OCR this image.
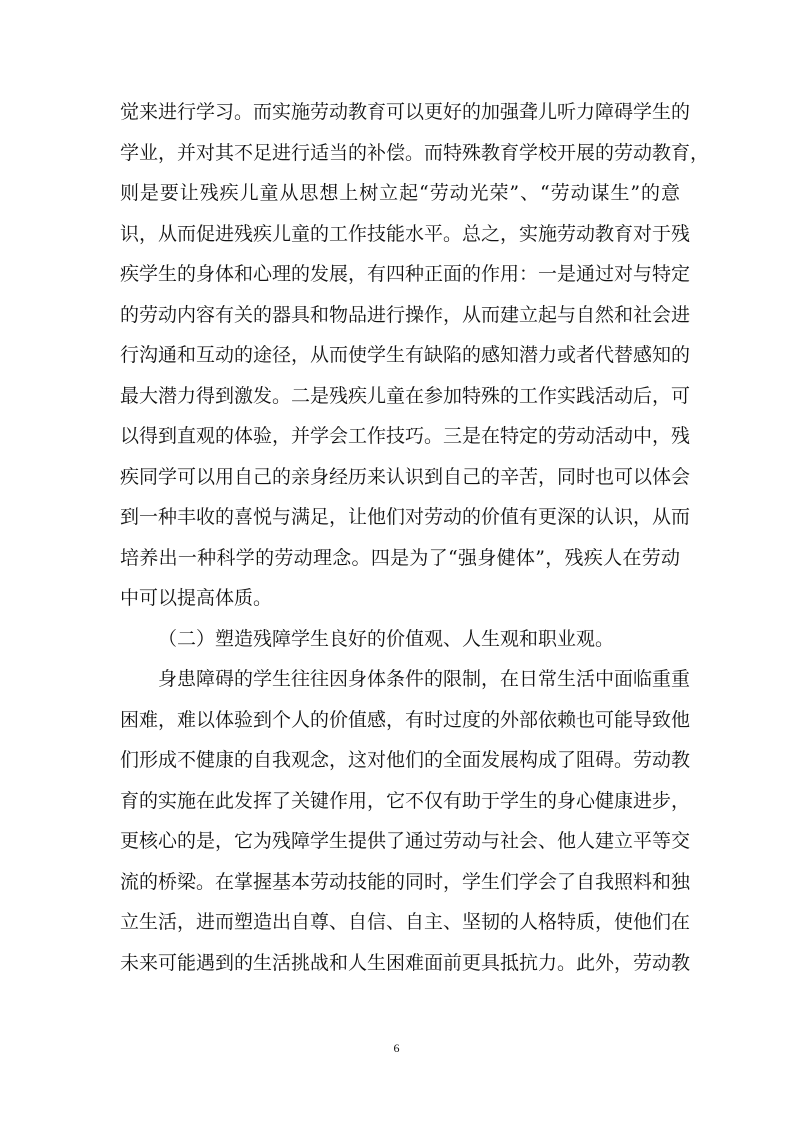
觉来进行学习。而实施劳动教育可以更好的加强聋儿听力障碍学生的
学业，并对其不足进行适当的补偿。而特殊教育学校开展的劳动教育，
则是要让残疾儿童从思想上树立起“劳动光荣”、“劳动谋生”的意
识，从而促进残疾儿童的工作技能水平。总之，实施劳动教育对于残
疾学生的身体和心理的发展，有四种正面的作用：一是通过对与特定
的劳动内容有关的器具和物品进行操作，从而建立起与自然和社会进
行沟通和互动的途径，从而使学生有缺陷的感知潜力或者代替感知的
最大潜力得到激发。二是残疾儿童在参加特殊的工作实践活动后，可
以得到直观的体验，并学会工作技巧。三是在特定的劳动活动中，残
疾同学可以用自己的亲身经历来认识到自己的辛苦，同时也可以体会
到一种丰收的喜悦与满足，让他们对劳动的价值有更深的认识，从而
培养出一种科学的劳动理念。四是为了“强身健体”，残疾人在劳动
中可以提高体质。
（二）塑造残障学生良好的价值观、人生观和职业观。
身患障碍的学生往往因身体条件的限制，在日常生活中面临重重
困难，难以体验到个人的价值感，有时过度的外部依赖也可能导致他
们形成不健康的自我观念，这对他们的全面发展构成了阻碍。劳动教
育的实施在此发挥了关键作用，它不仅有助于学生的身心健康进步，
更核心的是，它为残障学生提供了通过劳动与社会、他人建立平等交
流的桥梁。在掌握基本劳动技能的同时，学生们学会了自我照料和独
立生活，进而塑造出自尊、自信、自主、坚韧的人格特质，使他们在
未来可能遇到的生活挑战和人生困难面前更具抵抗力。此外，劳动教
6
